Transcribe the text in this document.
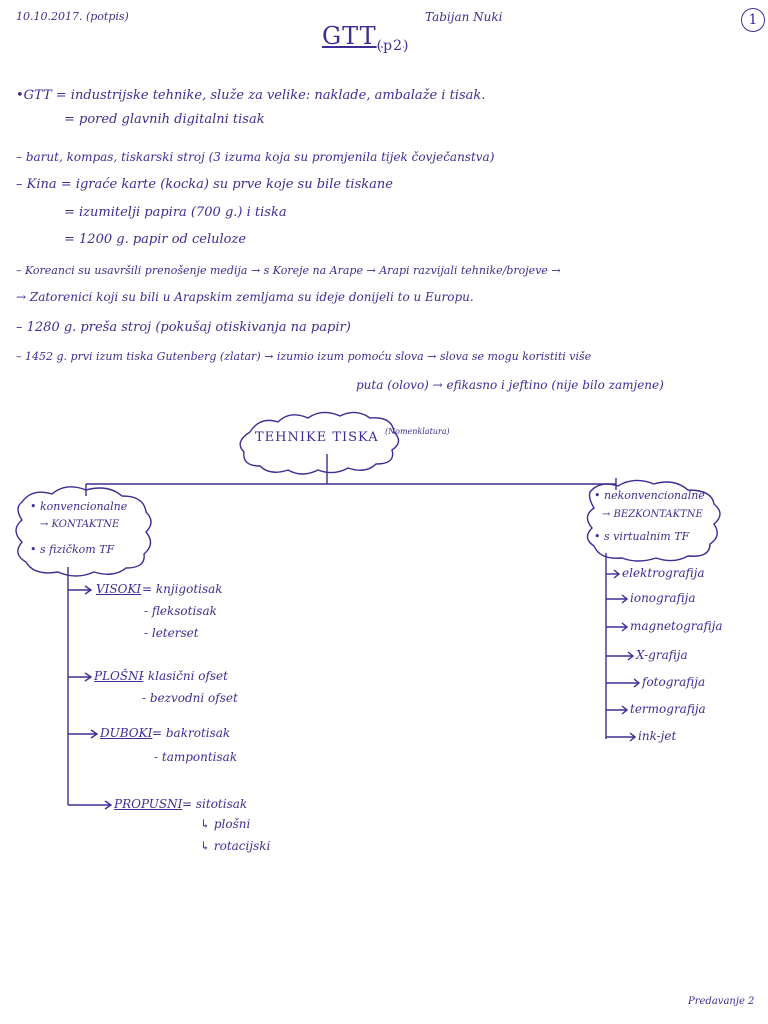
10.10.2017. (potpis)	Tabijan Nuki
$GTT_{(p2)}$
1
•GTT = industrijske tehnike, služe za velike: naklade, ambalaže i tisak.
= pored glavnih digitalni tisak
– barut, kompas, tiskarski stroj (3 izuma koja su promjenila tijek čovječanstva)
– Kina = igraće karte (kocka) su prve koje su bile tiskane
= izumitelji papira (700 g.) i tiska
= 1200 g. papir od celuloze
– Koreanci su usavršili prenošenje medija → s Koreje na Arape → Arapi razvijali tehnike/brojeve →
→ Zatorenici koji su bili u Arapskim zemljama su ideje donijeli to u Europu.
– 1280 g. preša stroj (pokušaj otiskivanja na papir)
– 1452 g. prvi izum tiska Gutenberg (zlatar) → izumio izum pomoću slova → slova se mogu koristiti više
puta (olovo) → efikasno i jeftino (nije bilo zamjene)
TEHNIKE TISKA (Nomenklatura)
• konvencionalne
→ KONTAKTNE
• s fizičkom TF
• nekonvencionalne
→ BEZKONTAKTNE
• s virtualnim TF
VISOKI = knjigotisak
- fleksotisak
- leterset
PLOŠNI
- klasični ofset
- bezvodni ofset
DUBOKI = bakrotisak
- tampontisak
PROPUSNI = sitotisak
↳ plošni
↳ rotacijski
elektrografija
ionografija
magnetografija
X-grafija
fotografija
termografija
ink-jet
Predavanje 2
